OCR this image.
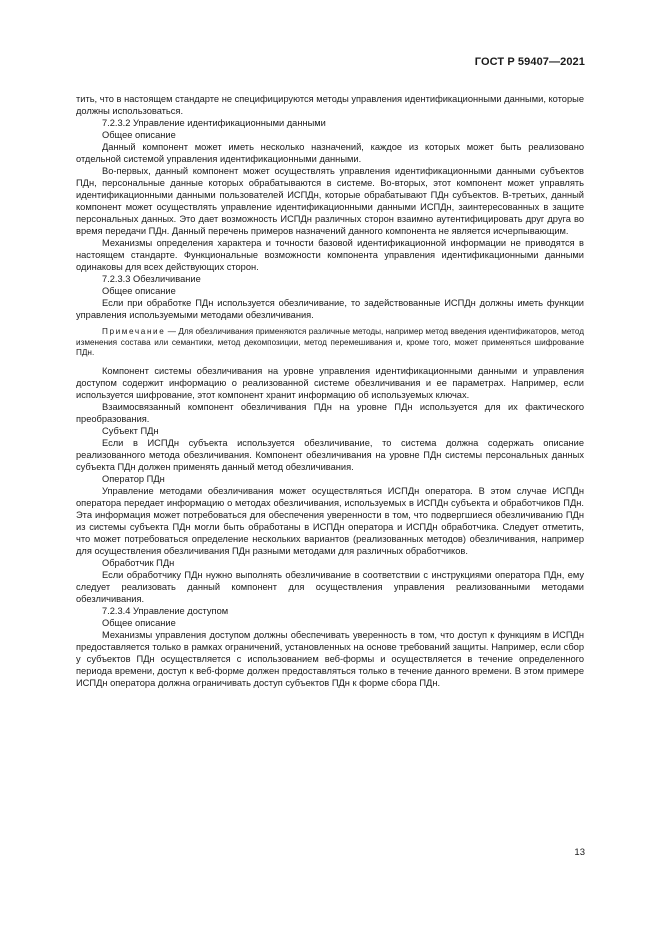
ГОСТ Р 59407—2021

тить, что в настоящем стандарте не специфицируются методы управления идентификационными данными, которые должны использоваться.

7.2.3.2 Управление идентификационными данными

Общее описание

Данный компонент может иметь несколько назначений, каждое из которых может быть реализовано отдельной системой управления идентификационными данными.

Во-первых, данный компонент может осуществлять управления идентификационными данными субъектов ПДн, персональные данные которых обрабатываются в системе. Во-вторых, этот компонент может управлять идентификационными данными пользователей ИСПДн, которые обрабатывают ПДн субъектов. В-третьих, данный компонент может осуществлять управление идентификационными данными ИСПДн, заинтересованных в защите персональных данных. Это дает возможность ИСПДн различных сторон взаимно аутентифицировать друг друга во время передачи ПДн. Данный перечень примеров назначений данного компонента не является исчерпывающим.

Механизмы определения характера и точности базовой идентификационной информации не приводятся в настоящем стандарте. Функциональные возможности компонента управления идентификационными данными одинаковы для всех действующих сторон.

7.2.3.3 Обезличивание

Общее описание

Если при обработке ПДн используется обезличивание, то задействованные ИСПДн должны иметь функции управления используемыми методами обезличивания.

Примечание — Для обезличивания применяются различные методы, например метод введения идентификаторов, метод изменения состава или семантики, метод декомпозиции, метод перемешивания и, кроме того, может применяться шифрование ПДн.

Компонент системы обезличивания на уровне управления идентификационными данными и управления доступом содержит информацию о реализованной системе обезличивания и ее параметрах. Например, если используется шифрование, этот компонент хранит информацию об используемых ключах.

Взаимосвязанный компонент обезличивания ПДн на уровне ПДн используется для их фактического преобразования.

Субъект ПДн

Если в ИСПДн субъекта используется обезличивание, то система должна содержать описание реализованного метода обезличивания. Компонент обезличивания на уровне ПДн системы персональных данных субъекта ПДн должен применять данный метод обезличивания.

Оператор ПДн

Управление методами обезличивания может осуществляться ИСПДн оператора. В этом случае ИСПДн оператора передает информацию о методах обезличивания, используемых в ИСПДн субъекта и обработчиков ПДн. Эта информация может потребоваться для обеспечения уверенности в том, что подвергшиеся обезличиванию ПДн из системы субъекта ПДн могли быть обработаны в ИСПДн оператора и ИСПДн обработчика. Следует отметить, что может потребоваться определение нескольких вариантов (реализованных методов) обезличивания, например для осуществления обезличивания ПДн разными методами для различных обработчиков.

Обработчик ПДн

Если обработчику ПДн нужно выполнять обезличивание в соответствии с инструкциями оператора ПДн, ему следует реализовать данный компонент для осуществления управления реализованными методами обезличивания.

7.2.3.4 Управление доступом

Общее описание

Механизмы управления доступом должны обеспечивать уверенность в том, что доступ к функциям в ИСПДн предоставляется только в рамках ограничений, установленных на основе требований защиты. Например, если сбор у субъектов ПДн осуществляется с использованием веб-формы и осуществляется в течение определенного периода времени, доступ к веб-форме должен предоставляться только в течение данного времени. В этом примере ИСПДн оператора должна ограничивать доступ субъектов ПДн к форме сбора ПДн.

13
